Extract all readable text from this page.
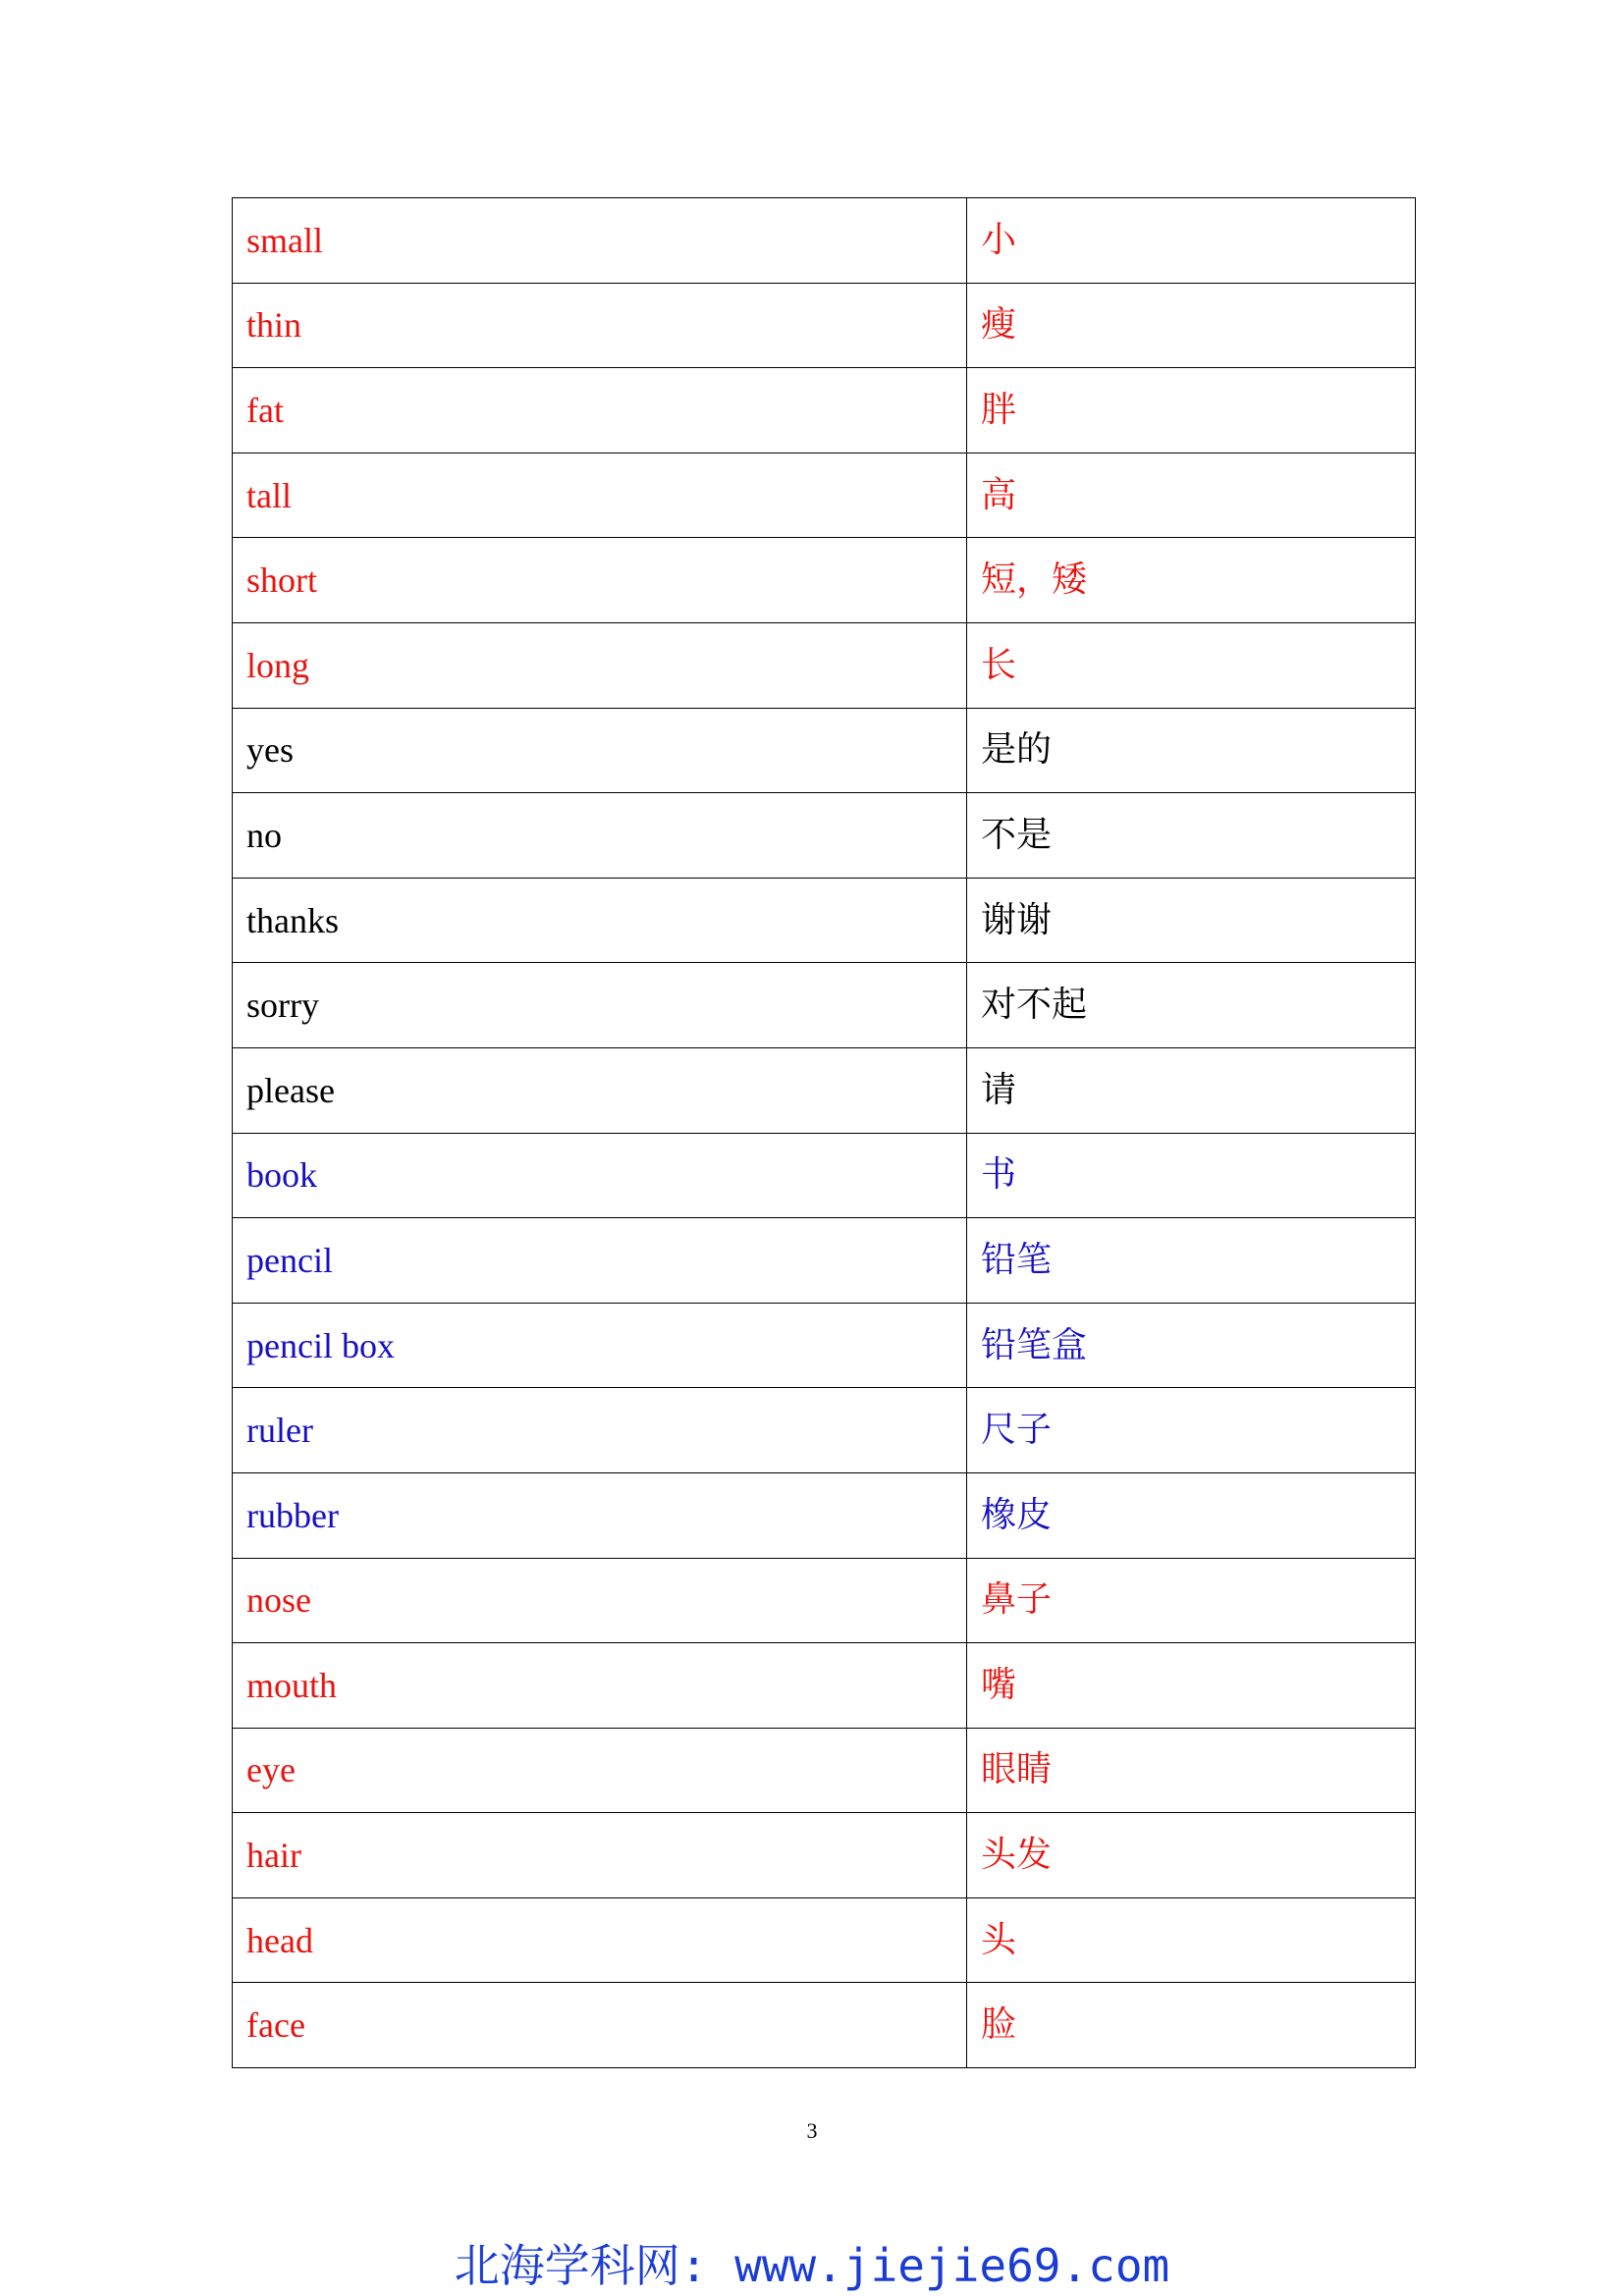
small	小
thin	瘦
fat	胖
tall	高
short	短，矮
long	长
yes	是的
no	不是
thanks	谢谢
sorry	对不起
please	请
book	书
pencil	铅笔
pencil box	铅笔盒
ruler	尺子
rubber	橡皮
nose	鼻子
mouth	嘴
eye	眼睛
hair	头发
head	头
face	脸
3
北海学科网: www.jiejie69.com
